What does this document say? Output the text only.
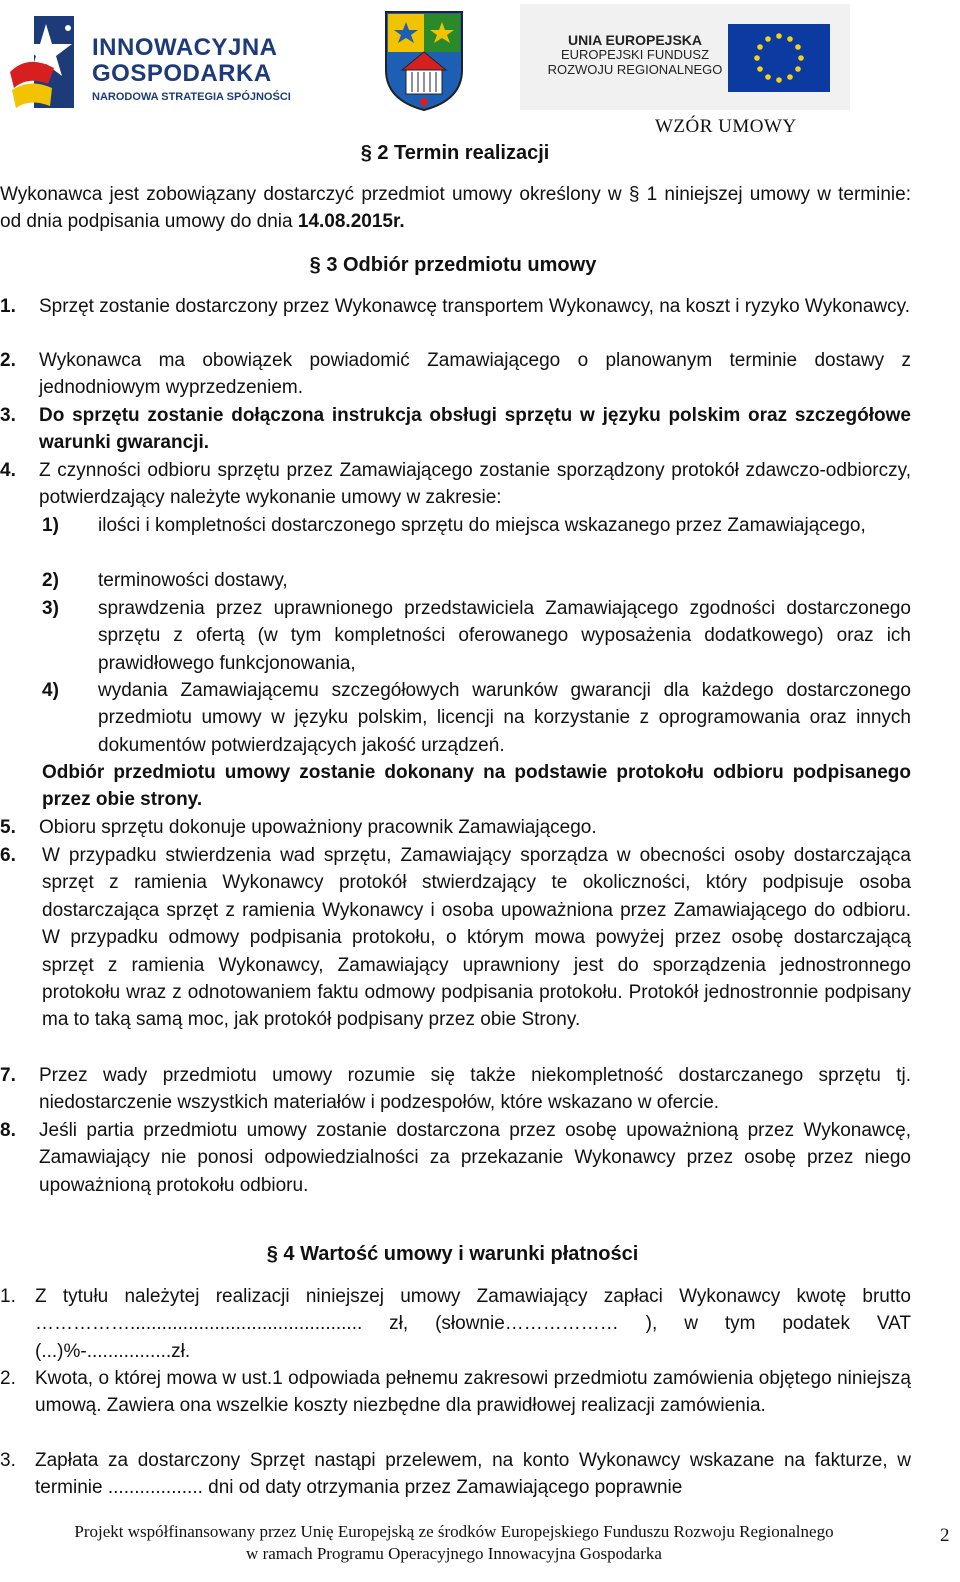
INNOWACYJNA
GOSPODARKA
NARODOWA STRATEGIA SPÓJNOŚCI
UNIA EUROPEJSKA
EUROPEJSKI FUNDUSZ
ROZWOJU REGIONALNEGO
WZÓR UMOWY
§ 2 Termin realizacji
Wykonawca jest zobowiązany dostarczyć przedmiot umowy określony w § 1 niniejszej umowy w terminie: od dnia podpisania umowy do dnia 14.08.2015r.
§ 3 Odbiór przedmiotu umowy
1. Sprzęt zostanie dostarczony przez Wykonawcę transportem Wykonawcy, na koszt i ryzyko Wykonawcy.
2. Wykonawca ma obowiązek powiadomić Zamawiającego o planowanym terminie dostawy z jednodniowym wyprzedzeniem.
3. Do sprzętu zostanie dołączona instrukcja obsługi sprzętu w języku polskim oraz szczegółowe warunki gwarancji.
4. Z czynności odbioru sprzętu przez Zamawiającego zostanie sporządzony protokół zdawczo-odbiorczy, potwierdzający należyte wykonanie umowy w zakresie:
1) ilości i kompletności dostarczonego sprzętu do miejsca wskazanego przez Zamawiającego,
2) terminowości dostawy,
3) sprawdzenia przez uprawnionego przedstawiciela Zamawiającego zgodności dostarczonego sprzętu z ofertą (w tym kompletności oferowanego wyposażenia dodatkowego) oraz ich prawidłowego funkcjonowania,
4) wydania Zamawiającemu szczegółowych warunków gwarancji dla każdego dostarczonego przedmiotu umowy w języku polskim, licencji na korzystanie z oprogramowania oraz innych dokumentów potwierdzających jakość urządzeń.
Odbiór przedmiotu umowy zostanie dokonany na podstawie protokołu odbioru podpisanego przez obie strony.
5. Obioru sprzętu dokonuje upoważniony pracownik Zamawiającego.
6. W przypadku stwierdzenia wad sprzętu, Zamawiający sporządza w obecności osoby dostarczająca sprzęt z ramienia Wykonawcy protokół stwierdzający te okoliczności, który podpisuje osoba dostarczająca sprzęt z ramienia Wykonawcy i osoba upoważniona przez Zamawiającego do odbioru. W przypadku odmowy podpisania protokołu, o którym mowa powyżej przez osobę dostarczającą sprzęt z ramienia Wykonawcy, Zamawiający uprawniony jest do sporządzenia jednostronnego protokołu wraz z odnotowaniem faktu odmowy podpisania protokołu. Protokół jednostronnie podpisany ma to taką samą moc, jak protokół podpisany przez obie Strony.
7. Przez wady przedmiotu umowy rozumie się także niekompletność dostarczanego sprzętu tj. niedostarczenie wszystkich materiałów i podzespołów, które wskazano w ofercie.
8. Jeśli partia przedmiotu umowy zostanie dostarczona przez osobę upoważnioną przez Wykonawcę, Zamawiający nie ponosi odpowiedzialności za przekazanie Wykonawcy przez osobę przez niego upoważnioną protokołu odbioru.
§ 4 Wartość umowy i warunki płatności
1. Z tytułu należytej realizacji niniejszej umowy Zamawiający zapłaci Wykonawcy kwotę brutto ……………............................................ zł, (słownie……………… ), w tym podatek VAT (...)%-................zł.
2. Kwota, o której mowa w ust.1 odpowiada pełnemu zakresowi przedmiotu zamówienia objętego niniejszą umową. Zawiera ona wszelkie koszty niezbędne dla prawidłowej realizacji zamówienia.
3. Zapłata za dostarczony Sprzęt nastąpi przelewem, na konto Wykonawcy wskazane na fakturze, w terminie .................. dni od daty otrzymania przez Zamawiającego poprawnie
Projekt współfinansowany przez Unię Europejską ze środków Europejskiego Funduszu Rozwoju Regionalnego
w ramach Programu Operacyjnego Innowacyjna Gospodarka
2
